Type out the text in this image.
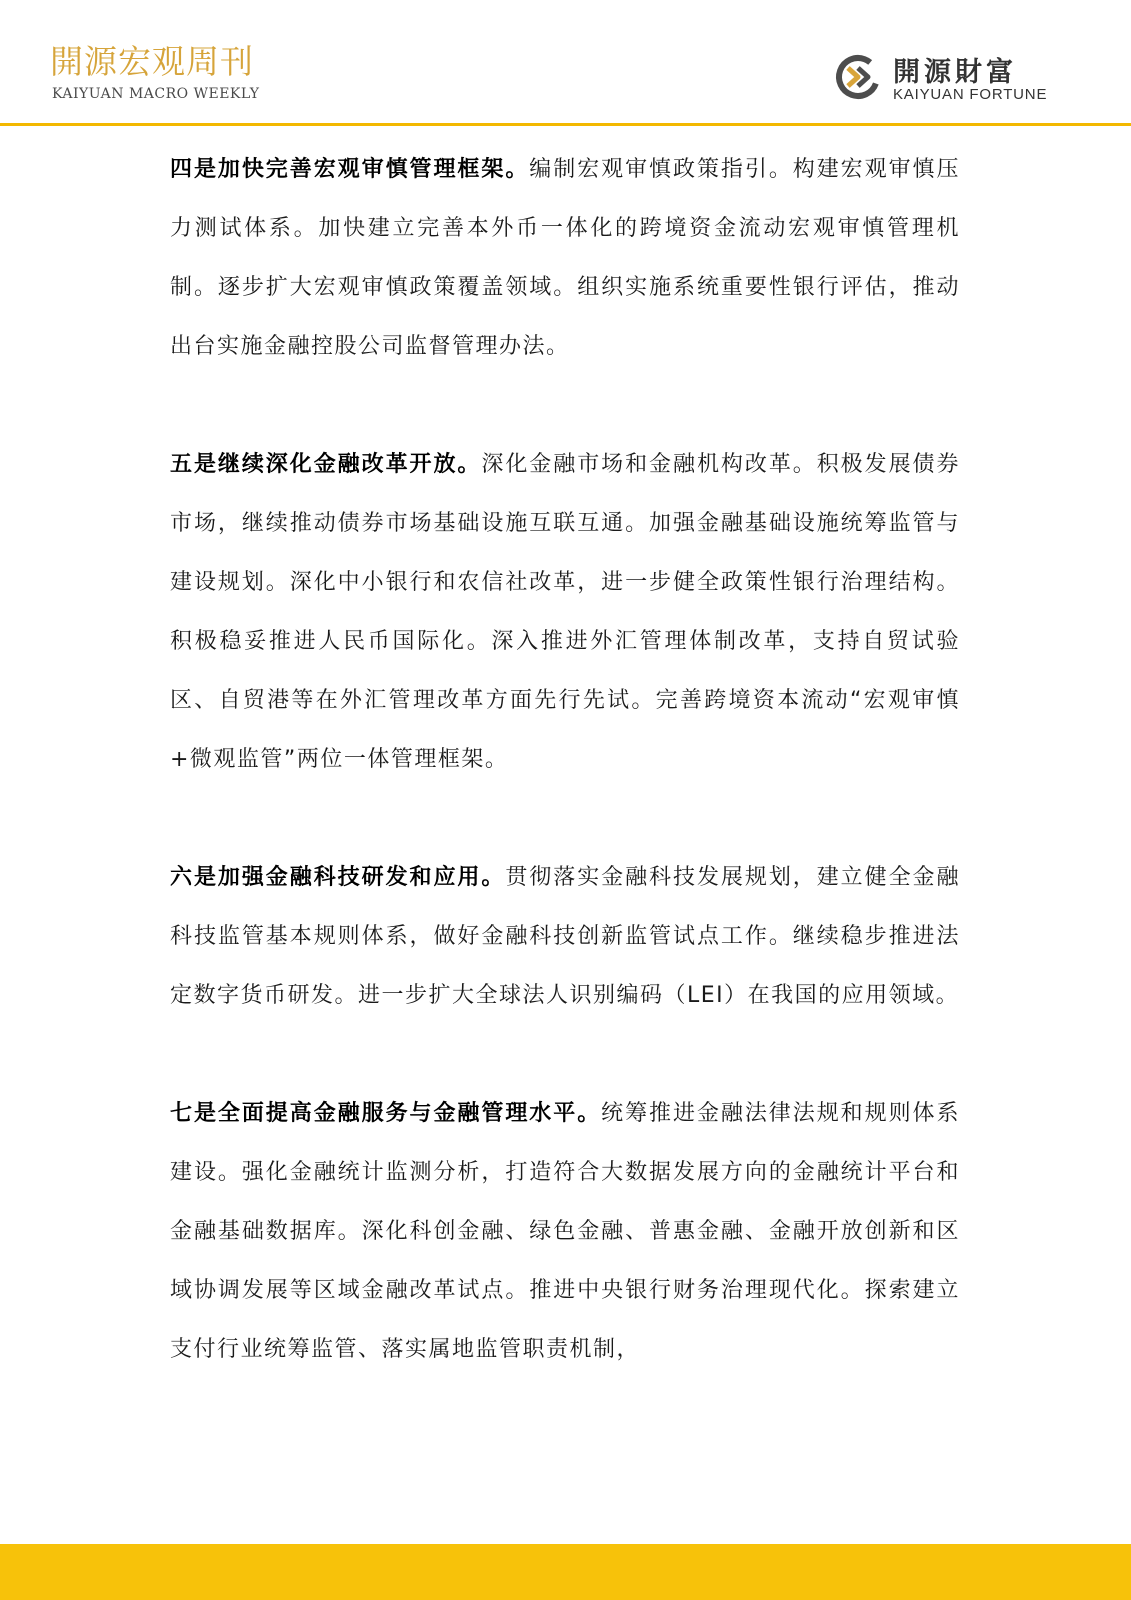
開源宏观周刊
KAIYUAN MACRO WEEKLY
開源財富
KAIYUAN FORTUNE

四是加快完善宏观审慎管理框架。编制宏观审慎政策指引。构建宏观审慎压力测试体系。加快建立完善本外币一体化的跨境资金流动宏观审慎管理机制。逐步扩大宏观审慎政策覆盖领域。组织实施系统重要性银行评估，推动出台实施金融控股公司监督管理办法。

五是继续深化金融改革开放。深化金融市场和金融机构改革。积极发展债券市场，继续推动债券市场基础设施互联互通。加强金融基础设施统筹监管与建设规划。深化中小银行和农信社改革，进一步健全政策性银行治理结构。积极稳妥推进人民币国际化。深入推进外汇管理体制改革，支持自贸试验区、自贸港等在外汇管理改革方面先行先试。完善跨境资本流动“宏观审慎+微观监管”两位一体管理框架。

六是加强金融科技研发和应用。贯彻落实金融科技发展规划，建立健全金融科技监管基本规则体系，做好金融科技创新监管试点工作。继续稳步推进法定数字货币研发。进一步扩大全球法人识别编码（LEI）在我国的应用领域。

七是全面提高金融服务与金融管理水平。统筹推进金融法律法规和规则体系建设。强化金融统计监测分析，打造符合大数据发展方向的金融统计平台和金融基础数据库。深化科创金融、绿色金融、普惠金融、金融开放创新和区域协调发展等区域金融改革试点。推进中央银行财务治理现代化。探索建立支付行业统筹监管、落实属地监管职责机制，
